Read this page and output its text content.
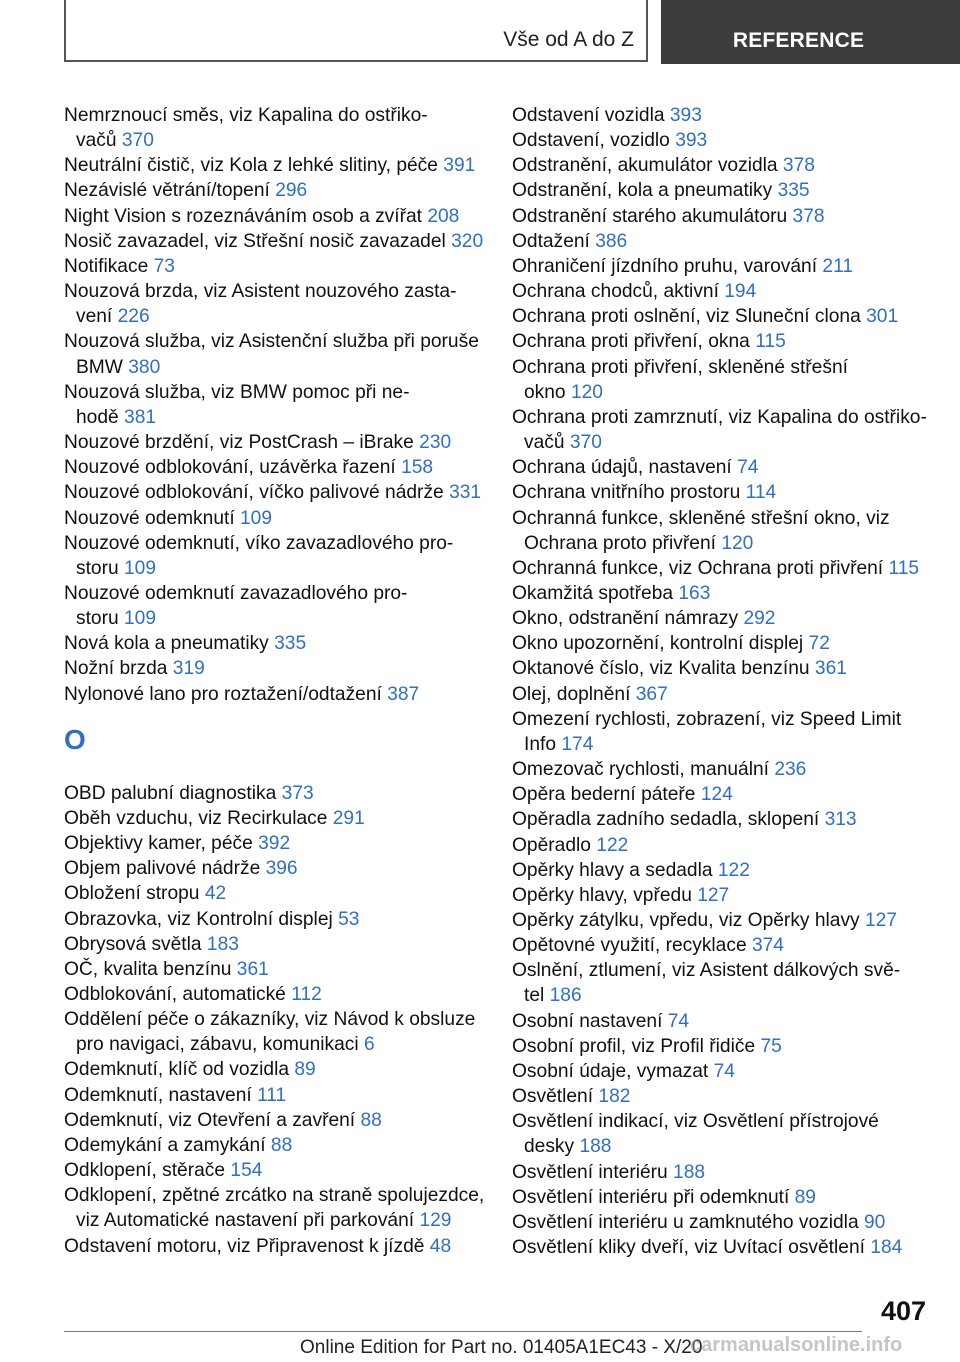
Vše od A do Z	REFERENCE
Nemrznoucí směs, viz Kapalina do ostřiko-
vačů 370
Neutrální čistič, viz Kola z lehké slitiny, péče 391
Nezávislé větrání/topení 296
Night Vision s rozeznáváním osob a zvířat 208
Nosič zavazadel, viz Střešní nosič zavazadel 320
Notifikace 73
Nouzová brzda, viz Asistent nouzového zasta-
vení 226
Nouzová služba, viz Asistenční služba při poruše
BMW 380
Nouzová služba, viz BMW pomoc při ne-
hodě 381
Nouzové brzdění, viz PostCrash – iBrake 230
Nouzové odblokování, uzávěrka řazení 158
Nouzové odblokování, víčko palivové nádrže 331
Nouzové odemknutí 109
Nouzové odemknutí, víko zavazadlového pro-
storu 109
Nouzové odemknutí zavazadlového pro-
storu 109
Nová kola a pneumatiky 335
Nožní brzda 319
Nylonové lano pro roztažení/odtažení 387
O
OBD palubní diagnostika 373
Oběh vzduchu, viz Recirkulace 291
Objektivy kamer, péče 392
Objem palivové nádrže 396
Obložení stropu 42
Obrazovka, viz Kontrolní displej 53
Obrysová světla 183
OČ, kvalita benzínu 361
Odblokování, automatické 112
Oddělení péče o zákazníky, viz Návod k obsluze
pro navigaci, zábavu, komunikaci 6
Odemknutí, klíč od vozidla 89
Odemknutí, nastavení 111
Odemknutí, viz Otevření a zavření 88
Odemykání a zamykání 88
Odklopení, stěrače 154
Odklopení, zpětné zrcátko na straně spolujezdce,
viz Automatické nastavení při parkování 129
Odstavení motoru, viz Připravenost k jízdě 48
Odstavení vozidla 393
Odstavení, vozidlo 393
Odstranění, akumulátor vozidla 378
Odstranění, kola a pneumatiky 335
Odstranění starého akumulátoru 378
Odtažení 386
Ohraničení jízdního pruhu, varování 211
Ochrana chodců, aktivní 194
Ochrana proti oslnění, viz Sluneční clona 301
Ochrana proti přivření, okna 115
Ochrana proti přivření, skleněné střešní
okno 120
Ochrana proti zamrznutí, viz Kapalina do ostřiko-
vačů 370
Ochrana údajů, nastavení 74
Ochrana vnitřního prostoru 114
Ochranná funkce, skleněné střešní okno, viz
Ochrana proto přivření 120
Ochranná funkce, viz Ochrana proti přivření 115
Okamžitá spotřeba 163
Okno, odstranění námrazy 292
Okno upozornění, kontrolní displej 72
Oktanové číslo, viz Kvalita benzínu 361
Olej, doplnění 367
Omezení rychlosti, zobrazení, viz Speed Limit
Info 174
Omezovač rychlosti, manuální 236
Opěra bederní páteře 124
Opěradla zadního sedadla, sklopení 313
Opěradlo 122
Opěrky hlavy a sedadla 122
Opěrky hlavy, vpředu 127
Opěrky zátylku, vpředu, viz Opěrky hlavy 127
Opětovné využití, recyklace 374
Oslnění, ztlumení, viz Asistent dálkových svě-
tel 186
Osobní nastavení 74
Osobní profil, viz Profil řidiče 75
Osobní údaje, vymazat 74
Osvětlení 182
Osvětlení indikací, viz Osvětlení přístrojové
desky 188
Osvětlení interiéru 188
Osvětlení interiéru při odemknutí 89
Osvětlení interiéru u zamknutého vozidla 90
Osvětlení kliky dveří, viz Uvítací osvětlení 184
407
Online Edition for Part no. 01405A1EC43 - X/20
carmanualsonline.info
